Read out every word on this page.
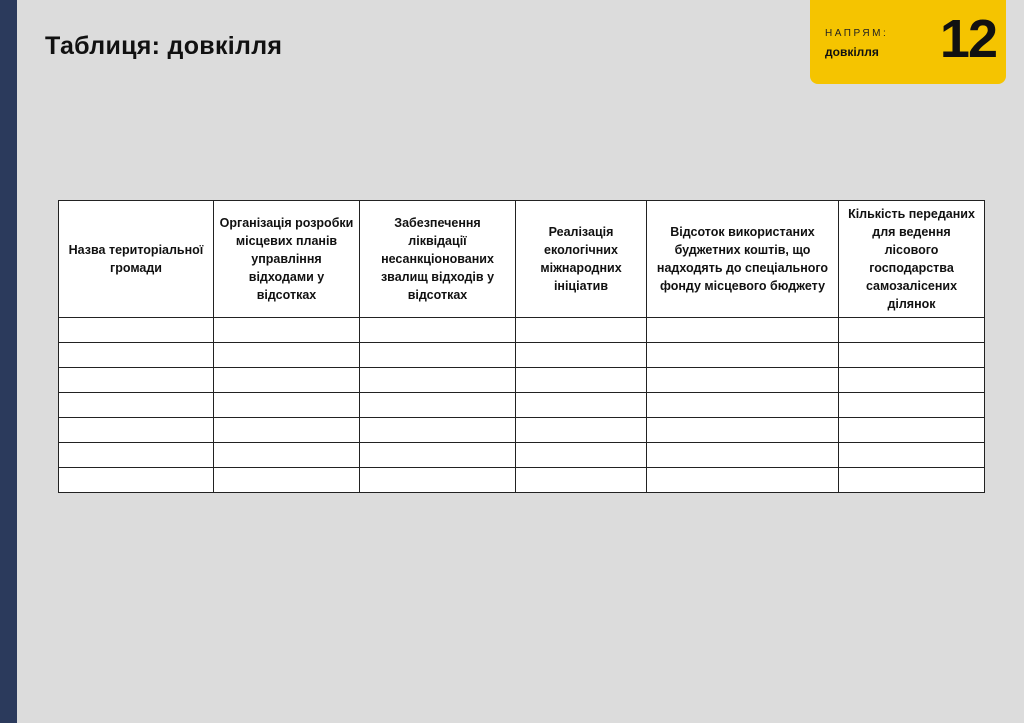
Таблиця: довкілля	НАПРЯМ:
довкілля 12
Назва територіальної громади	Організація розробки місцевих планів управління відходами у відсотках	Забезпечення ліквідації несанкціонованих звалищ відходів у відсотках	Реалізація екологічних міжнародних ініціатив	Відсоток використаних буджетних коштів, що надходять до спеціального фонду місцевого бюджету	Кількість переданих для ведення лісового господарства самозалісених ділянок
